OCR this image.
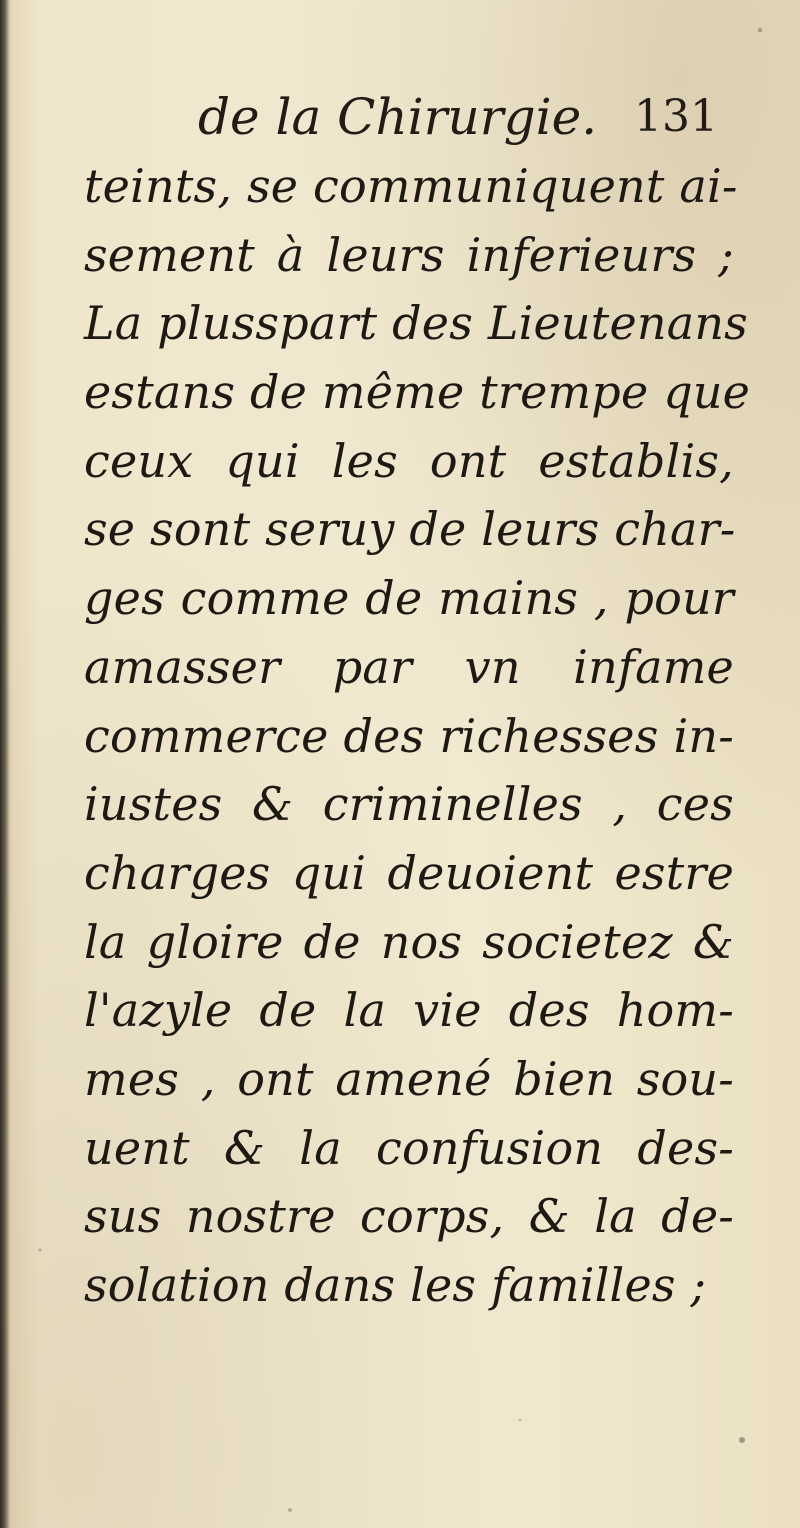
de la Chirurgie. 131
teints, se communiquent ai-
sement à leurs inferieurs ;
La plusspart des Lieutenans
estans de même trempe que
ceux qui les ont establis,
se sont seruy de leurs char-
ges comme de mains , pour
amasser par vn infame
commerce des richesses in-
iustes & criminelles , ces
charges qui deuoient estre
la gloire de nos societez &
l'azyle de la vie des hom-
mes , ont amené bien sou-
uent & la confusion des-
sus nostre corps, & la de-
solation dans les familles ;
